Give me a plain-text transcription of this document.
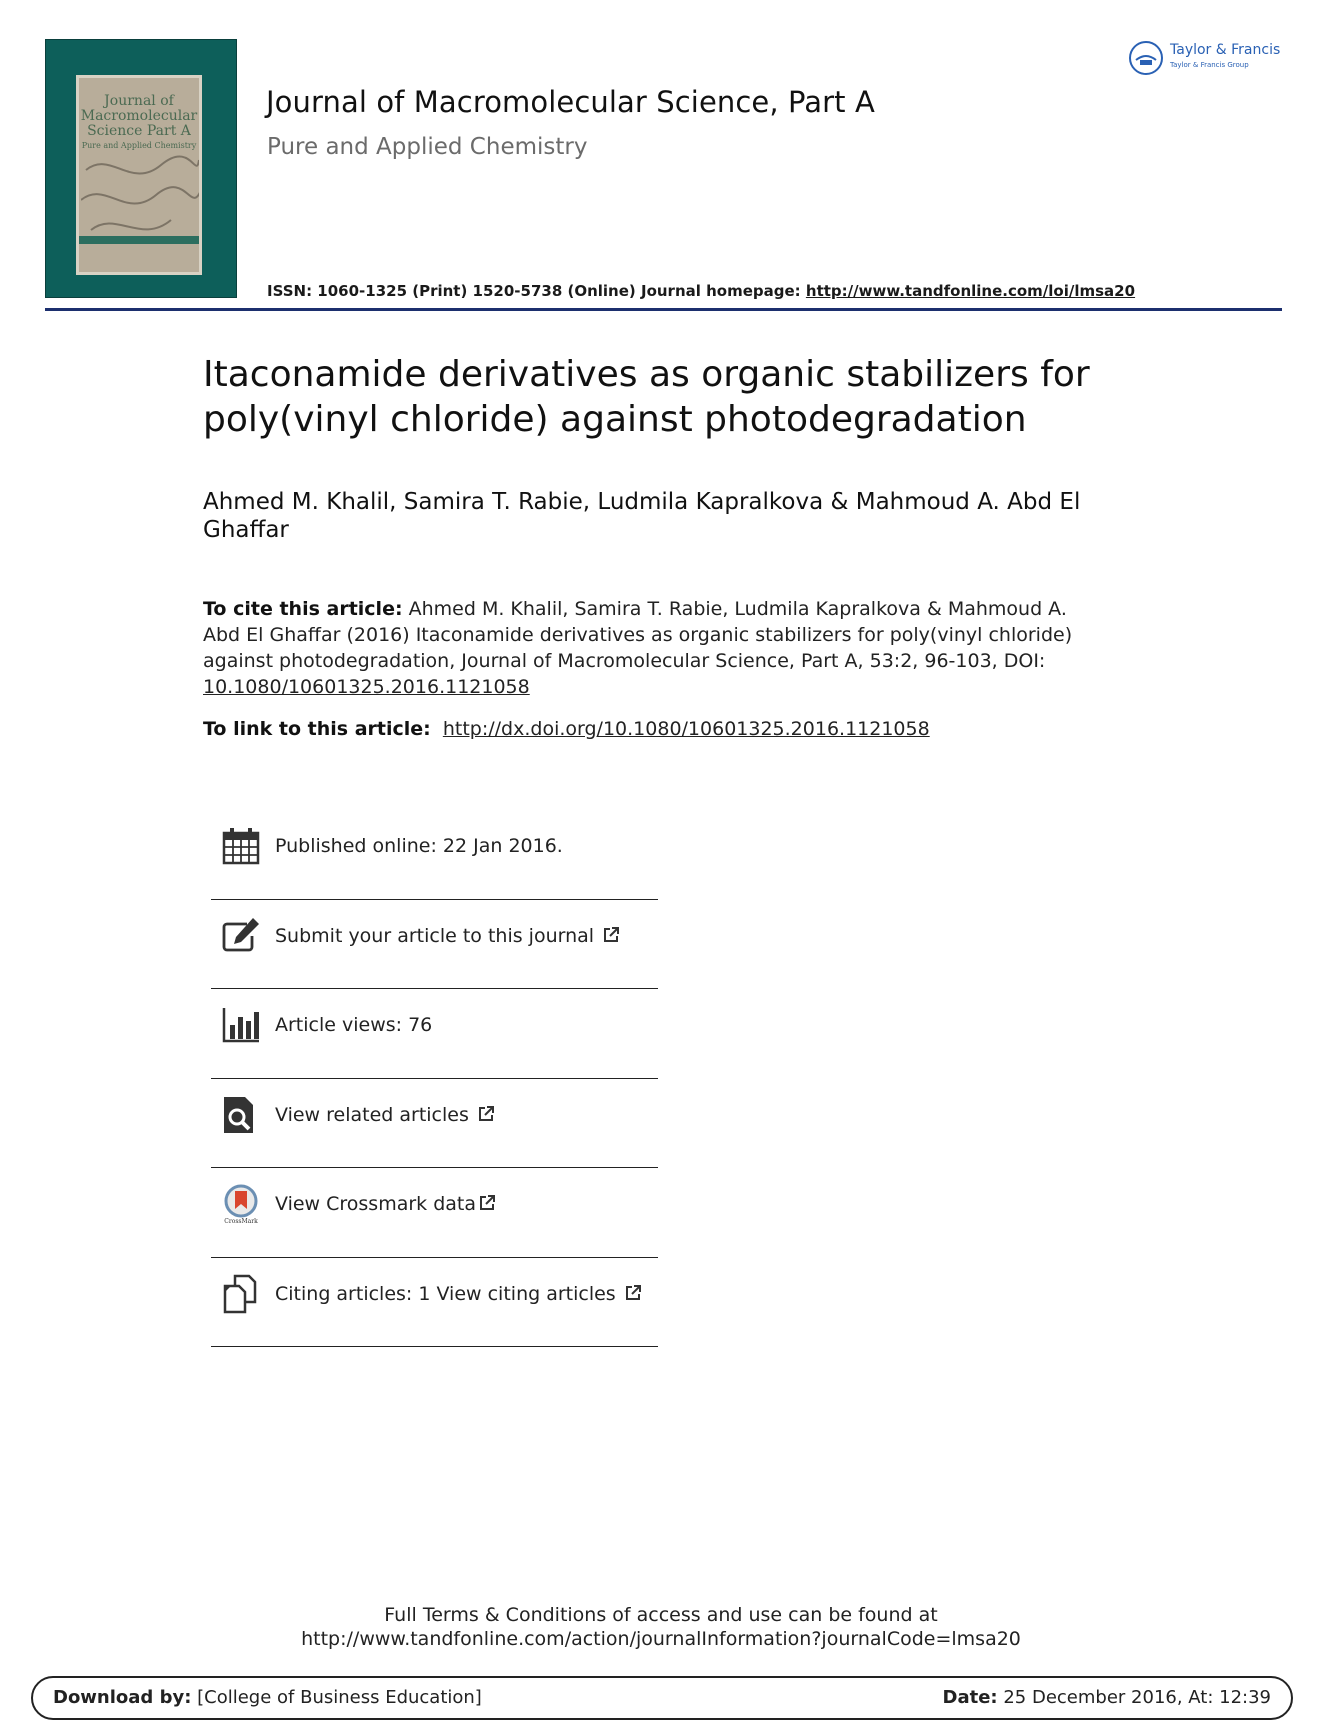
Journal of Macromolecular Science Part A
Pure and Applied Chemistry
Journal of Macromolecular Science, Part A
Pure and Applied Chemistry
ISSN: 1060-1325 (Print) 1520-5738 (Online) Journal homepage: http://www.tandfonline.com/loi/lmsa20
Taylor & Francis
Taylor & Francis Group
Itaconamide derivatives as organic stabilizers for
poly(vinyl chloride) against photodegradation
Ahmed M. Khalil, Samira T. Rabie, Ludmila Kapralkova & Mahmoud A. Abd El
Ghaffar
To cite this article: Ahmed M. Khalil, Samira T. Rabie, Ludmila Kapralkova & Mahmoud A.
Abd El Ghaffar (2016) Itaconamide derivatives as organic stabilizers for poly(vinyl chloride)
against photodegradation, Journal of Macromolecular Science, Part A, 53:2, 96-103, DOI:
10.1080/10601325.2016.1121058
To link to this article: http://dx.doi.org/10.1080/10601325.2016.1121058
Published online: 22 Jan 2016.
Submit your article to this journal
Article views: 76
View related articles
CrossMark
View Crossmark data
Citing articles: 1 View citing articles
Full Terms & Conditions of access and use can be found at
http://www.tandfonline.com/action/journalInformation?journalCode=lmsa20
Download by: [College of Business Education]	Date: 25 December 2016, At: 12:39
